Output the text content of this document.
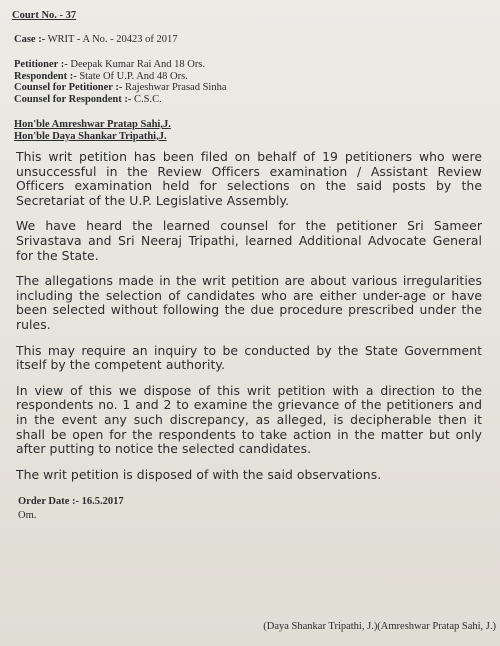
Court No. - 37
Case :- WRIT - A No. - 20423 of 2017
Petitioner :- Deepak Kumar Rai And 18 Ors.
Respondent :- State Of U.P. And 48 Ors.
Counsel for Petitioner :- Rajeshwar Prasad Sinha
Counsel for Respondent :- C.S.C.
Hon'ble Amreshwar Pratap Sahi,J.
Hon'ble Daya Shankar Tripathi,J.

This writ petition has been filed on behalf of 19 petitioners who were unsuccessful in the Review Officers examination / Assistant Review Officers examination held for selections on the said posts by the Secretariat of the U.P. Legislative Assembly.

We have heard the learned counsel for the petitioner Sri Sameer Srivastava and Sri Neeraj Tripathi, learned Additional Advocate General for the State.

The allegations made in the writ petition are about various irregularities including the selection of candidates who are either under-age or have been selected without following the due procedure prescribed under the rules.

This may require an inquiry to be conducted by the State Government itself by the competent authority.

In view of this we dispose of this writ petition with a direction to the respondents no. 1 and 2 to examine the grievance of the petitioners and in the event any such discrepancy, as alleged, is decipherable then it shall be open for the respondents to take action in the matter but only after putting to notice the selected candidates.

The writ petition is disposed of with the said observations.

Order Date :- 16.5.2017
Om.
(Daya Shankar Tripathi, J.)(Amreshwar Pratap Sahi, J.)
